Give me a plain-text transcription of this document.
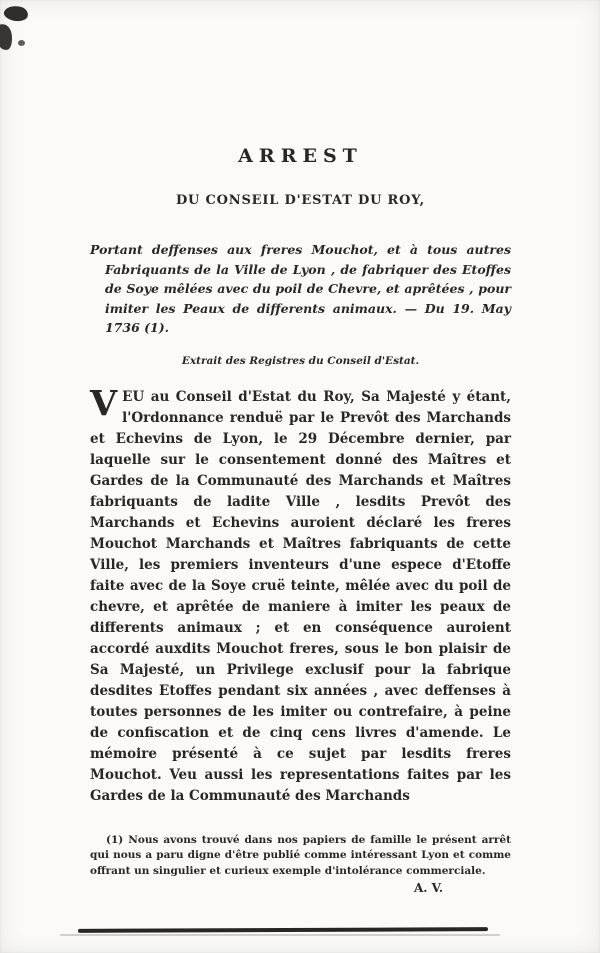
ARREST
DU CONSEIL D'ESTAT DU ROY,

Portant deffenses aux freres Mouchot, et à tous autres Fabriquants de la Ville de Lyon , de fabriquer des Etoffes de Soye mêlées avec du poil de Chevre, et aprêtées , pour imiter les Peaux de differents animaux. — Du 19. May 1736 (1).

Extrait des Registres du Conseil d'Estat.

VEU au Conseil d'Estat du Roy, Sa Majesté y étant, l'Ordonnance renduë par le Prevôt des Marchands et Echevins de Lyon, le 29 Décembre dernier, par laquelle sur le consentement donné des Maîtres et Gardes de la Communauté des Marchands et Maîtres fabriquants de ladite Ville , lesdits Prevôt des Marchands et Echevins auroient déclaré les freres Mouchot Marchands et Maîtres fabriquants de cette Ville, les premiers inventeurs d'une espece d'Etoffe faite avec de la Soye cruë teinte, mêlée avec du poil de chevre, et aprêtée de maniere à imiter les peaux de differents animaux ; et en conséquence auroient accordé auxdits Mouchot freres, sous le bon plaisir de Sa Majesté, un Privilege exclusif pour la fabrique desdites Etoffes pendant six années , avec deffenses à toutes personnes de les imiter ou contrefaire, à peine de confiscation et de cinq cens livres d'amende. Le mémoire présenté à ce sujet par lesdits freres Mouchot. Veu aussi les representations faites par les Gardes de la Communauté des Marchands

(1) Nous avons trouvé dans nos papiers de famille le présent arrêt qui nous a paru digne d'être publié comme intéressant Lyon et comme offrant un singulier et curieux exemple d'intolérance commerciale.

A. V.
